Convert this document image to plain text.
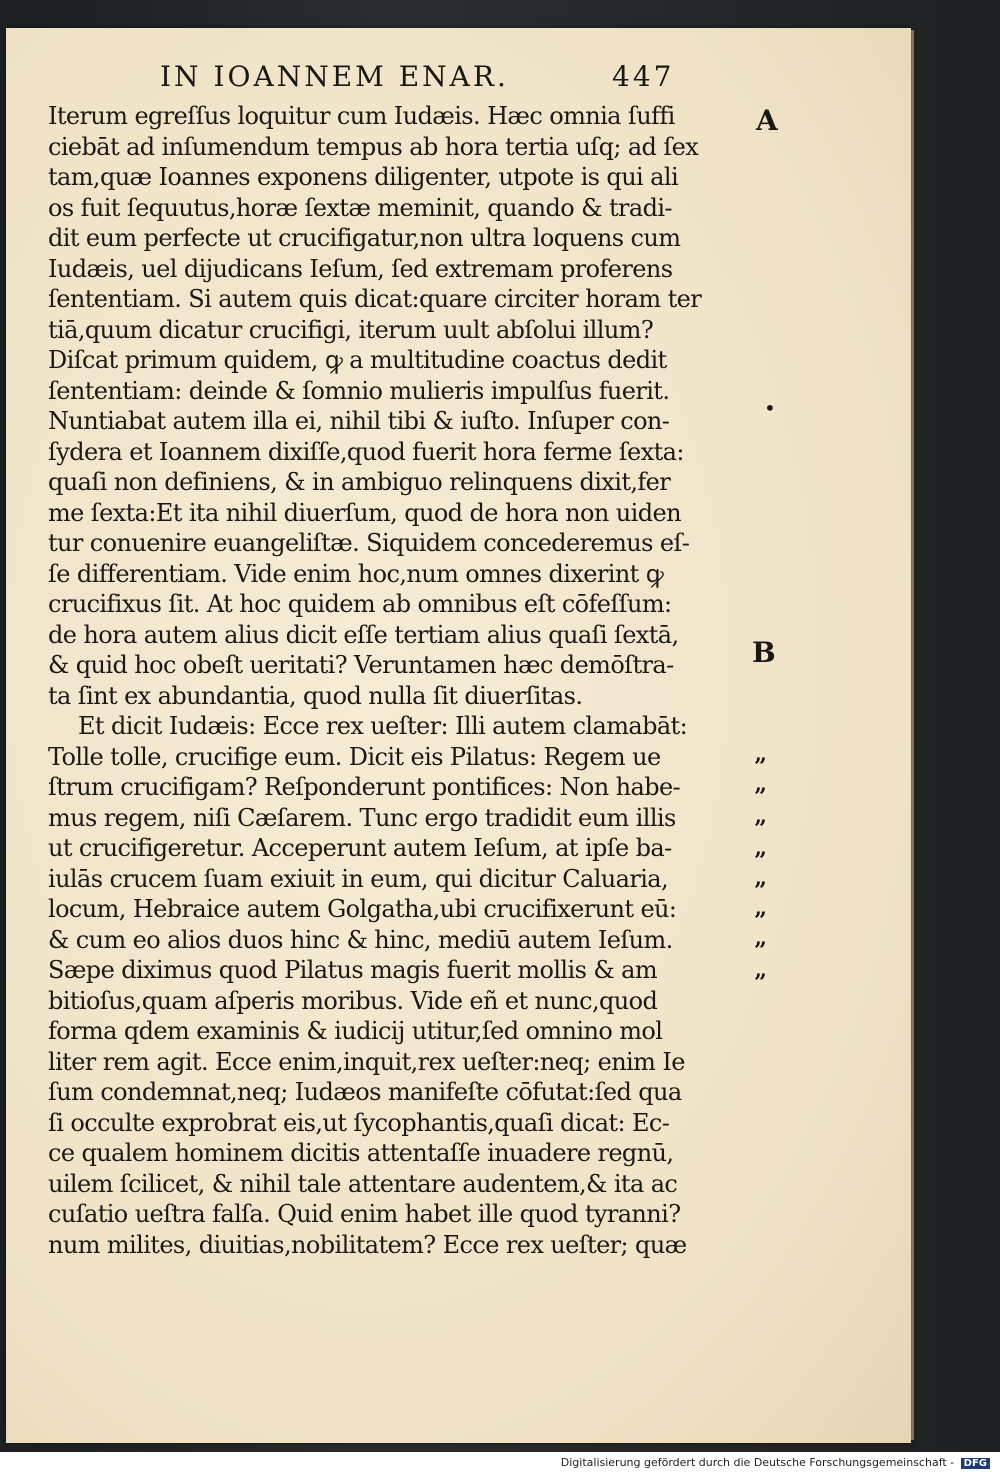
IN IOANNEM ENAR.	447
Iterum egreſſus loquitur cum Iudæis. Hæc omnia ſuffi
ciebāt ad inſumendum tempus ab hora tertia uſq; ad ſex
tam,quæ Ioannes exponens diligenter, utpote is qui ali
os fuit ſequutus,horæ ſextæ meminit, quando & tradi-
dit eum perfecte ut crucifigatur,non ultra loquens cum
Iudæis, uel dijudicans Ieſum, ſed extremam proferens
ſententiam. Si autem quis dicat:quare circiter horam ter
tiā,quum dicatur crucifigi, iterum uult abſolui illum?
Diſcat primum quidem, ꝙ a multitudine coactus dedit
ſententiam: deinde & ſomnio mulieris impulſus fuerit.
Nuntiabat autem illa ei, nihil tibi & iuſto. Inſuper con-
ſydera et Ioannem dixiſſe,quod fuerit hora ferme ſexta:
quaſi non definiens, & in ambiguo relinquens dixit,fer
me ſexta:Et ita nihil diuerſum, quod de hora non uiden
tur conuenire euangeliſtæ. Siquidem concederemus eſ-
ſe differentiam. Vide enim hoc,num omnes dixerint ꝙ
crucifixus ſit. At hoc quidem ab omnibus eſt cōfeſſum:
de hora autem alius dicit eſſe tertiam alius quaſi ſextā,
& quid hoc obeſt ueritati? Veruntamen hæc demōſtra-
ta ſint ex abundantia, quod nulla ſit diuerſitas.
Et dicit Iudæis: Ecce rex ueſter: Illi autem clamabāt:
Tolle tolle, crucifige eum. Dicit eis Pilatus: Regem ue
ſtrum crucifigam? Reſponderunt pontifices: Non habe-
mus regem, niſi Cæſarem. Tunc ergo tradidit eum illis
ut crucifigeretur. Acceperunt autem Ieſum, at ipſe ba-
iulās crucem ſuam exiuit in eum, qui dicitur Caluaria,
locum, Hebraice autem Golgatha,ubi crucifixerunt eū:
& cum eo alios duos hinc & hinc, mediū autem Ieſum.
Sæpe diximus quod Pilatus magis fuerit mollis & am
bitioſus,quam aſperis moribus. Vide eñ et nunc,quod
forma qdem examinis & iudicij utitur,ſed omnino mol
liter rem agit. Ecce enim,inquit,rex ueſter:neq; enim Ie
ſum condemnat,neq; Iudæos manifeſte cōfutat:ſed qua
ſi occulte exprobrat eis,ut ſycophantis,quaſi dicat: Ec-
ce qualem hominem dicitis attentaſſe inuadere regnū,
uilem ſcilicet, & nihil tale attentare audentem,& ita ac
cuſatio ueſtra falſa. Quid enim habet ille quod tyranni?
num milites, diuitias,nobilitatem? Ecce rex ueſter; quæ
A
B
•
”
”
”
”
”
”
”
”
Digitalisierung gefördert durch die Deutsche Forschungsgemeinschaft - DFG
